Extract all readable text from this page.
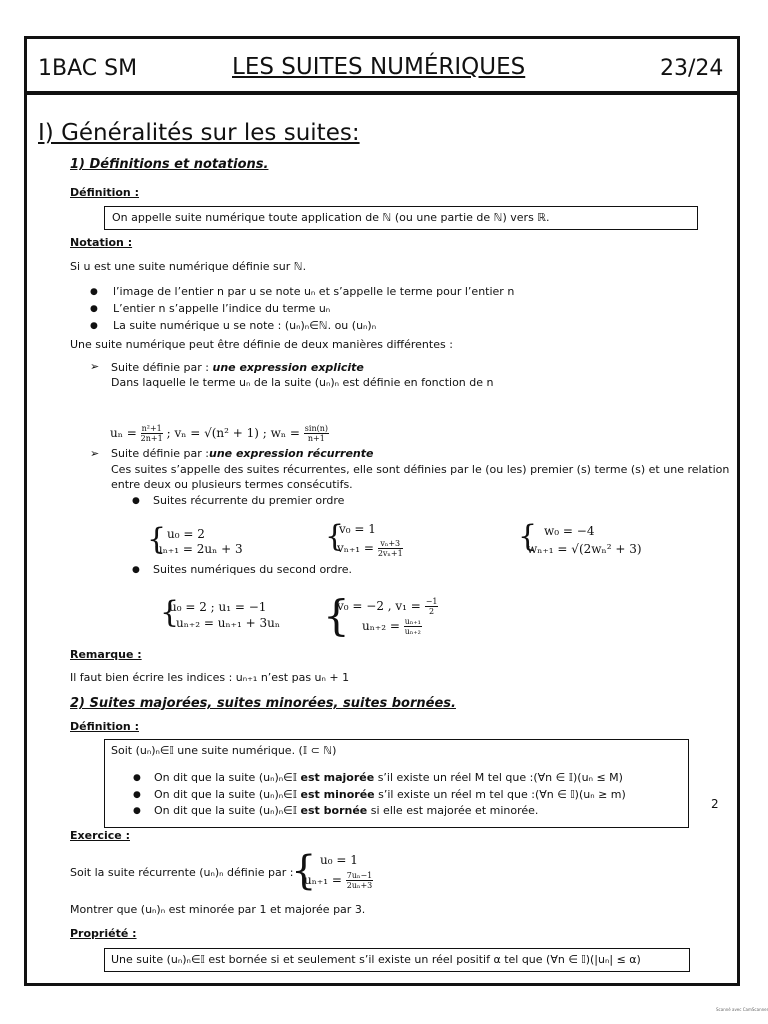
1BAC SM	LES SUITES NUMÉRIQUES	23/24
I) Généralités sur les suites:
1) Définitions et notations.
Définition :
On appelle suite numérique toute application de ℕ (ou une partie de ℕ) vers ℝ.
Notation :
Si u est une suite numérique définie sur ℕ.
● l’image de l’entier n par u se note uₙ et s’appelle le terme pour l’entier n
● L’entier n s’appelle l’indice du terme uₙ
● La suite numérique u se note : (uₙ)ₙ∈ℕ. ou (uₙ)ₙ
Une suite numérique peut être définie de deux manières différentes :
➢ Suite définie par : une expression explicite
Dans laquelle le terme uₙ de la suite (uₙ)ₙ est définie en fonction de n
$u_n = \frac{\text{n²+1}}{2n+1}$ ; vₙ = √(n² + 1) ; $w_n = \frac{\sin(n)}{n+1}$
➢ Suite définie par :une expression récurrente
Ces suites s’appelle des suites récurrentes, elle sont définies par le (ou les) premier (s) terme (s) et une relation
entre deux ou plusieurs termes consécutifs.
● Suites récurrente du premier ordre
{ u₀ = 2
uₙ₊₁ = 2uₙ + 3	{
v₀ = 1
$v_{n+1} = \frac{\text{vₙ+3}}{\text{2vₙ+1}}$	{ w₀ = −4
wₙ₊₁ = √(2wₙ² + 3)
● Suites numériques du second ordre.
{
u₀ = 2 ; u₁ = −1
uₙ₊₂ = uₙ₊₁ + 3uₙ {
v₀ = −2 , $v_1 = \frac{-1}{2}$
$u_{n+2} = \frac{\text{uₙ₊₁}}{\text{uₙ₊₂}}$
Remarque :
Il faut bien écrire les indices : uₙ₊₁ n’est pas uₙ + 1
2) Suites majorées, suites minorées, suites bornées.
Définition :
Soit (uₙ)ₙ∈𝕀 une suite numérique. (𝕀 ⊂ ℕ)
● On dit que la suite (uₙ)ₙ∈𝕀 est majorée s’il existe un réel M tel que :(∀n ∈ 𝕀)(uₙ ≤ M)
● On dit que la suite (uₙ)ₙ∈𝕀 est minorée s’il existe un réel m tel que :(∀n ∈ 𝕀)(uₙ ≥ m)
● On dit que la suite (uₙ)ₙ∈𝕀 est bornée si elle est majorée et minorée.
Exercice :
Soit la suite récurrente (uₙ)ₙ définie par :
{ u₀ = 1
$u_{n+1} = \frac{\text{7uₙ−1}}{\text{2uₙ+3}}$
Montrer que (uₙ)ₙ est minorée par 1 et majorée par 3.
Propriété :
Une suite (uₙ)ₙ∈𝕀 est bornée si et seulement s’il existe un réel positif α tel que (∀n ∈ 𝕀)(|uₙ| ≤ α)
2
Scanné avec CamScanner
